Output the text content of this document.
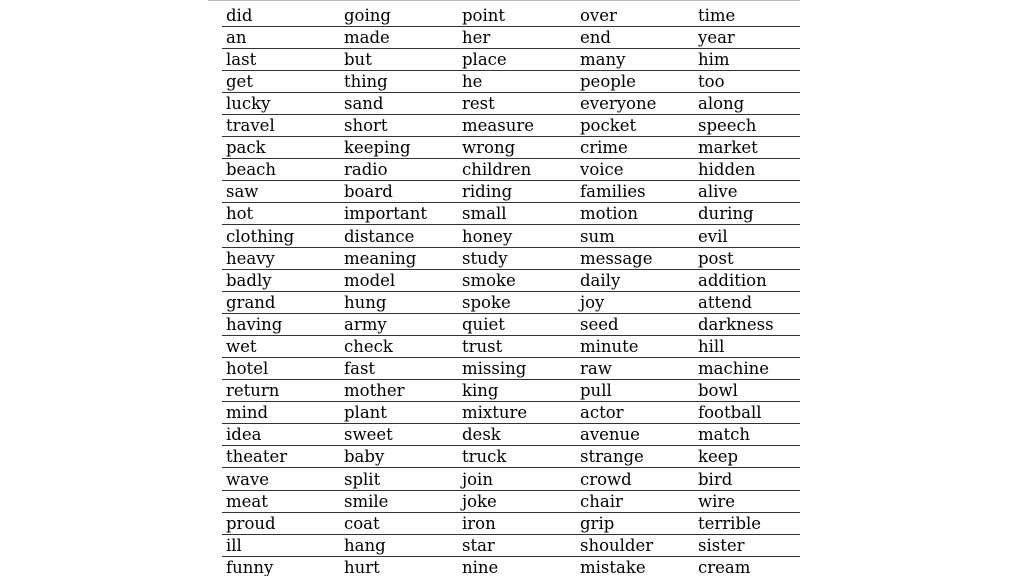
did	going	point	over	time
an	made	her	end	year
last	but	place	many	him
get	thing	he	people	too
lucky	sand	rest	everyone	along
travel	short	measure	pocket	speech
pack	keeping	wrong	crime	market
beach	radio	children	voice	hidden
saw	board	riding	families	alive
hot	important	small	motion	during
clothing	distance	honey	sum	evil
heavy	meaning	study	message	post
badly	model	smoke	daily	addition
grand	hung	spoke	joy	attend
having	army	quiet	seed	darkness
wet	check	trust	minute	hill
hotel	fast	missing	raw	machine
return	mother	king	pull	bowl
mind	plant	mixture	actor	football
idea	sweet	desk	avenue	match
theater	baby	truck	strange	keep
wave	split	join	crowd	bird
meat	smile	joke	chair	wire
proud	coat	iron	grip	terrible
ill	hang	star	shoulder	sister
funny	hurt	nine	mistake	cream
